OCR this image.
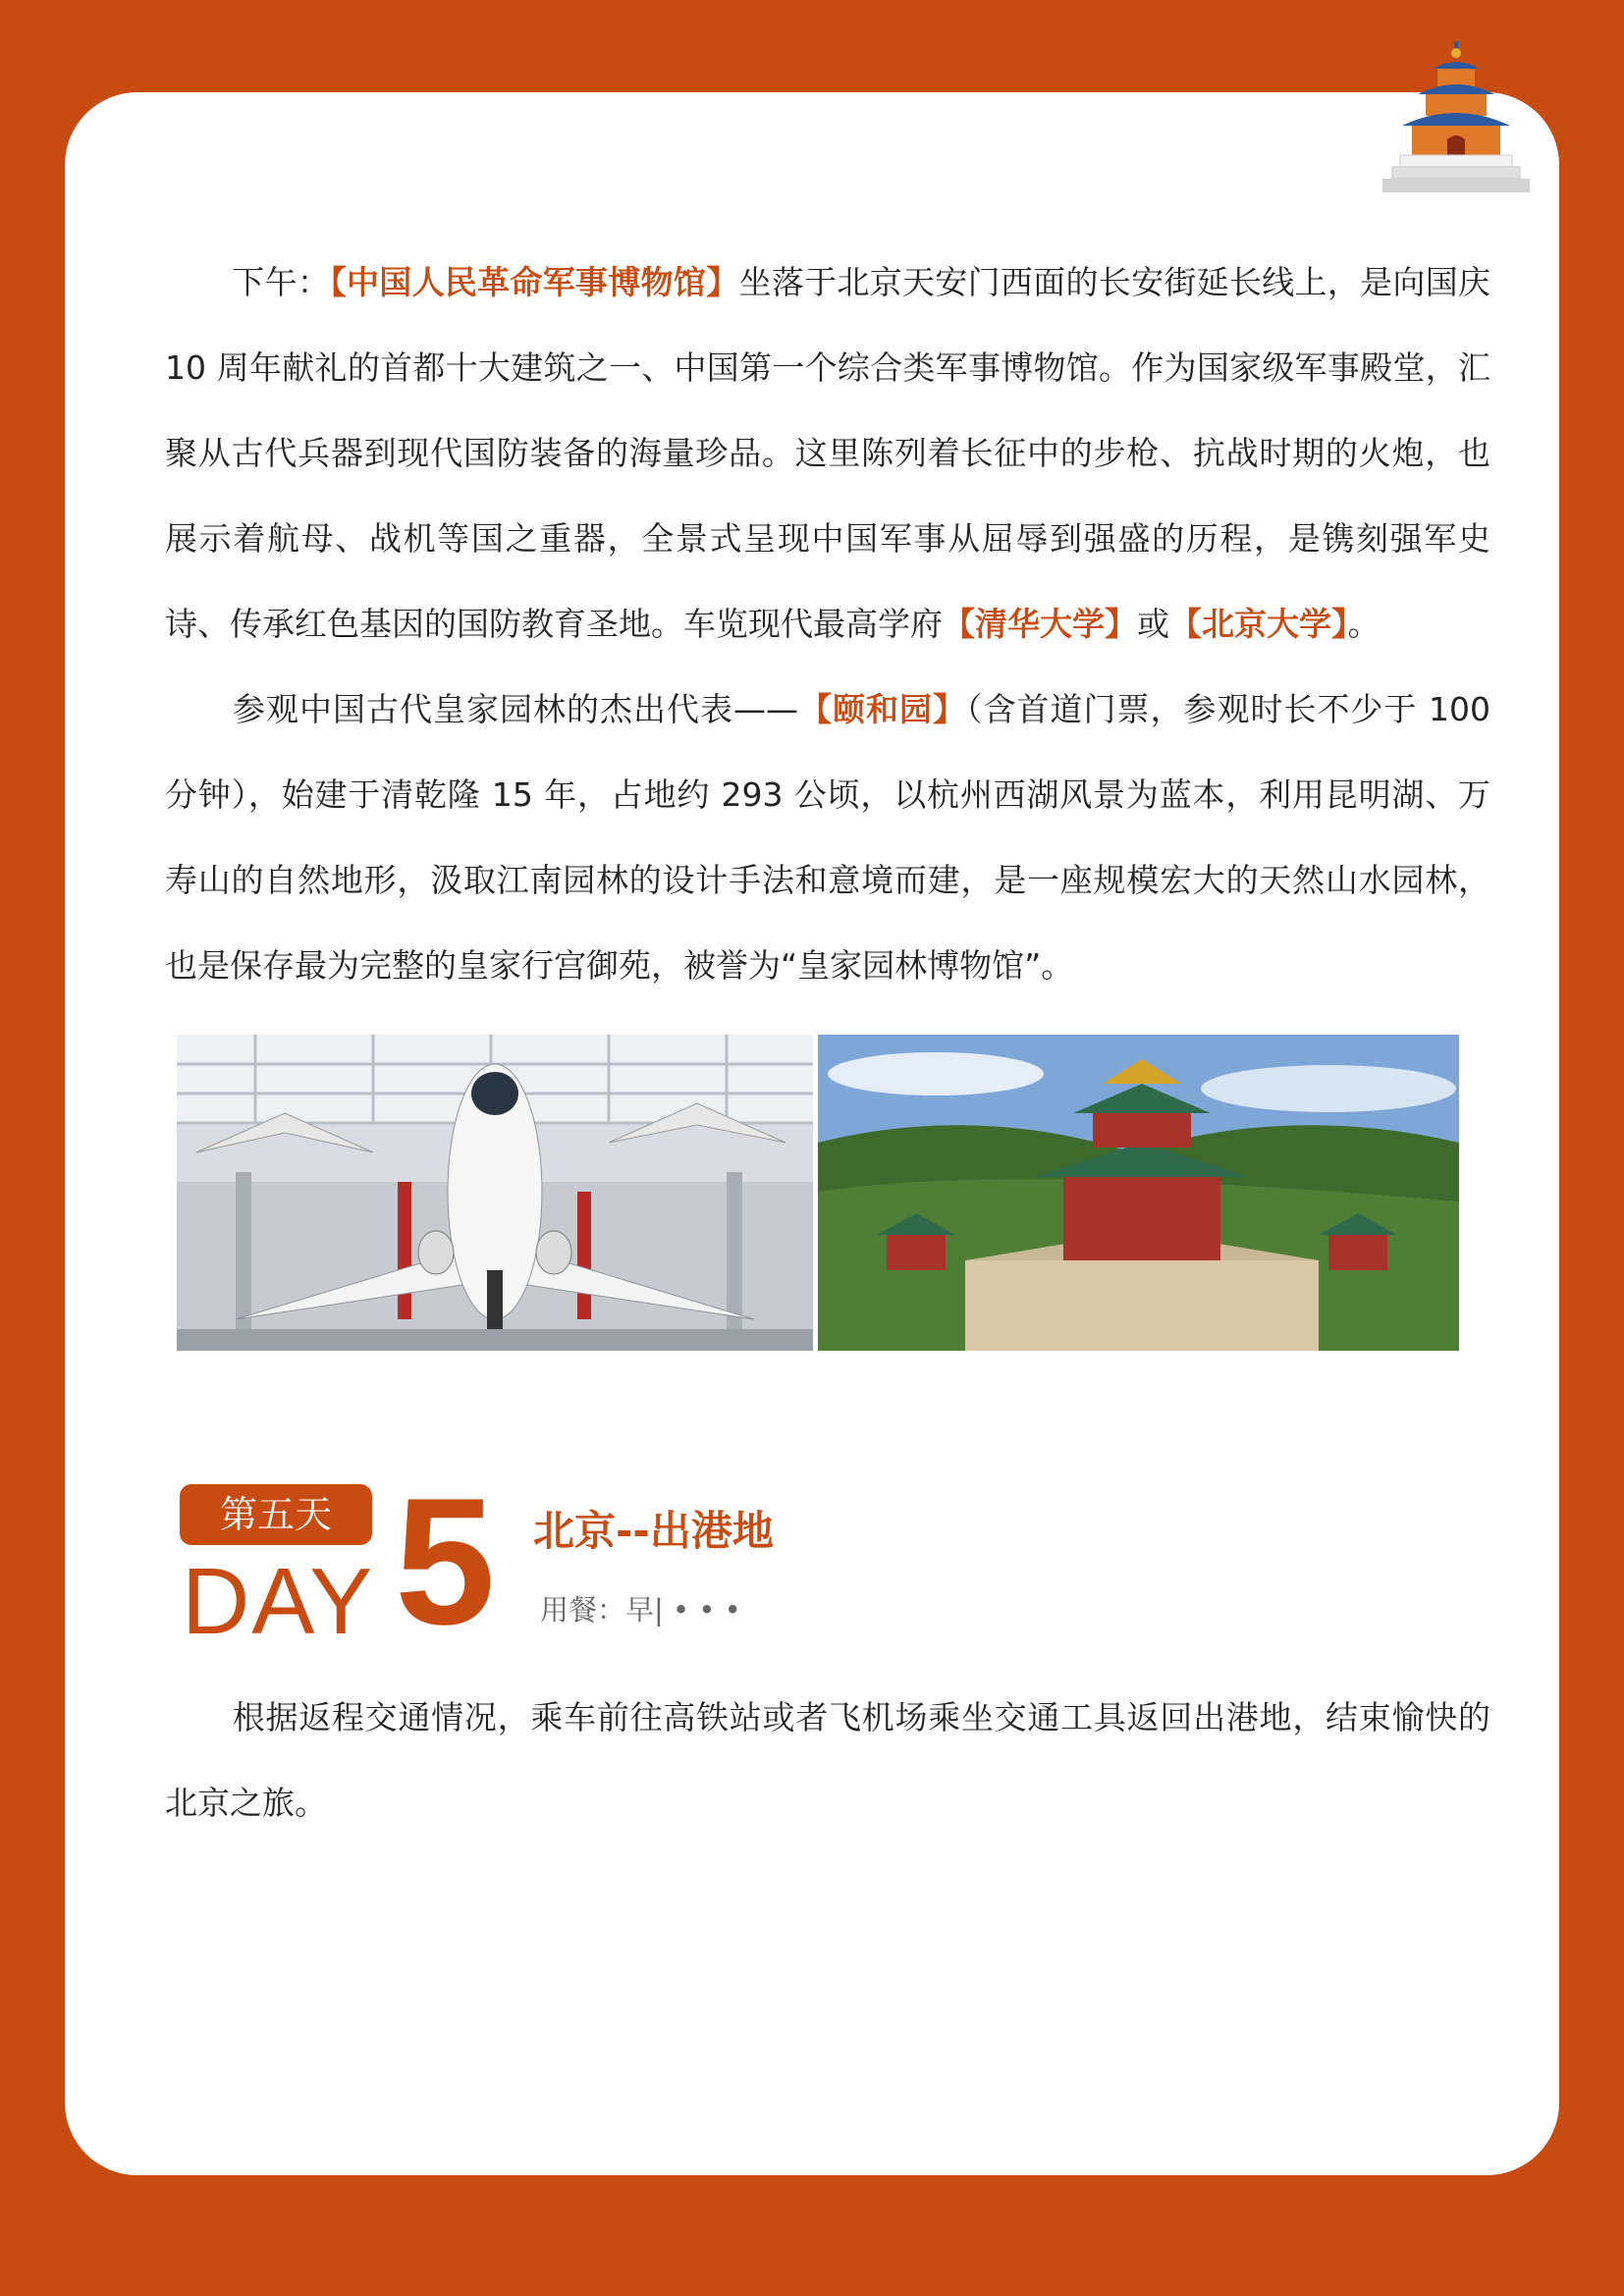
下午：【中国人民革命军事博物馆】坐落于北京天安门西面的长安街延长线上，是向国庆 10 周年献礼的首都十大建筑之一、中国第一个综合类军事博物馆。作为国家级军事殿堂，汇聚从古代兵器到现代国防装备的海量珍品。这里陈列着长征中的步枪、抗战时期的火炮，也展示着航母、战机等国之重器，全景式呈现中国军事从屈辱到强盛的历程，是镌刻强军史诗、传承红色基因的国防教育圣地。车览现代最高学府【清华大学】或【北京大学】。

参观中国古代皇家园林的杰出代表——【颐和园】（含首道门票，参观时长不少于 100 分钟），始建于清乾隆 15 年，占地约 293 公顷，以杭州西湖风景为蓝本，利用昆明湖、万寿山的自然地形，汲取江南园林的设计手法和意境而建，是一座规模宏大的天然山水园林，也是保存最为完整的皇家行宫御苑，被誉为“皇家园林博物馆”。

第五天
DAY 5 北京--出港地
用餐：早| • • •

根据返程交通情况，乘车前往高铁站或者飞机场乘坐交通工具返回出港地，结束愉快的北京之旅。
